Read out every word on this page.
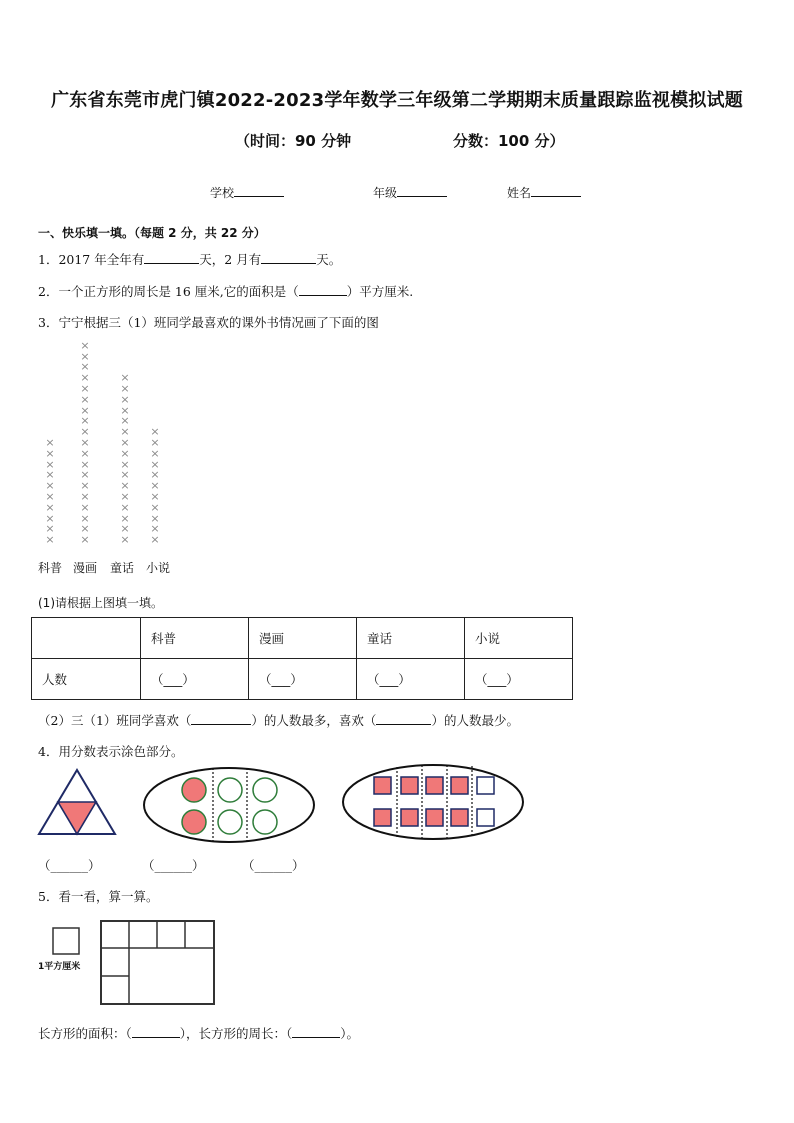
广东省东莞市虎门镇2022-2023学年数学三年级第二学期期末质量跟踪监视模拟试题
（时间：90 分钟	分数：100 分）
学校	年级	姓名
一、快乐填一填。（每题 2 分，共 22 分）
1．2017 年全年有	天，2 月有	天。
2．一个正方形的周长是 16 厘米,它的面积是（	）平方厘米.
3．宁宁根据三（1）班同学最喜欢的课外书情况画了下面的图
×
×
×
×
×
×
×
×
×
×
×
×
×
×
×
×
×
×
×
×
×
×
×
×
×
×
×
×
×
×
×
×
×
×
×
×
×
×
×
×
×
×
×
×
×
×
×
×
×
×
×
×
×
×
×
×
科普 漫画 童话 小说
(1)请根据上图填一填。
	科普	漫画	童话	小说
人数	（___）	（___）	（___）	（___）
（2）三（1）班同学喜欢（	）的人数最多，喜欢（	）的人数最少。
4．用分数表示涂色部分。
（______）	（______）	（______）
5．看一看，算一算。
1平方厘米
长方形的面积：（	），长方形的周长：（	）。
